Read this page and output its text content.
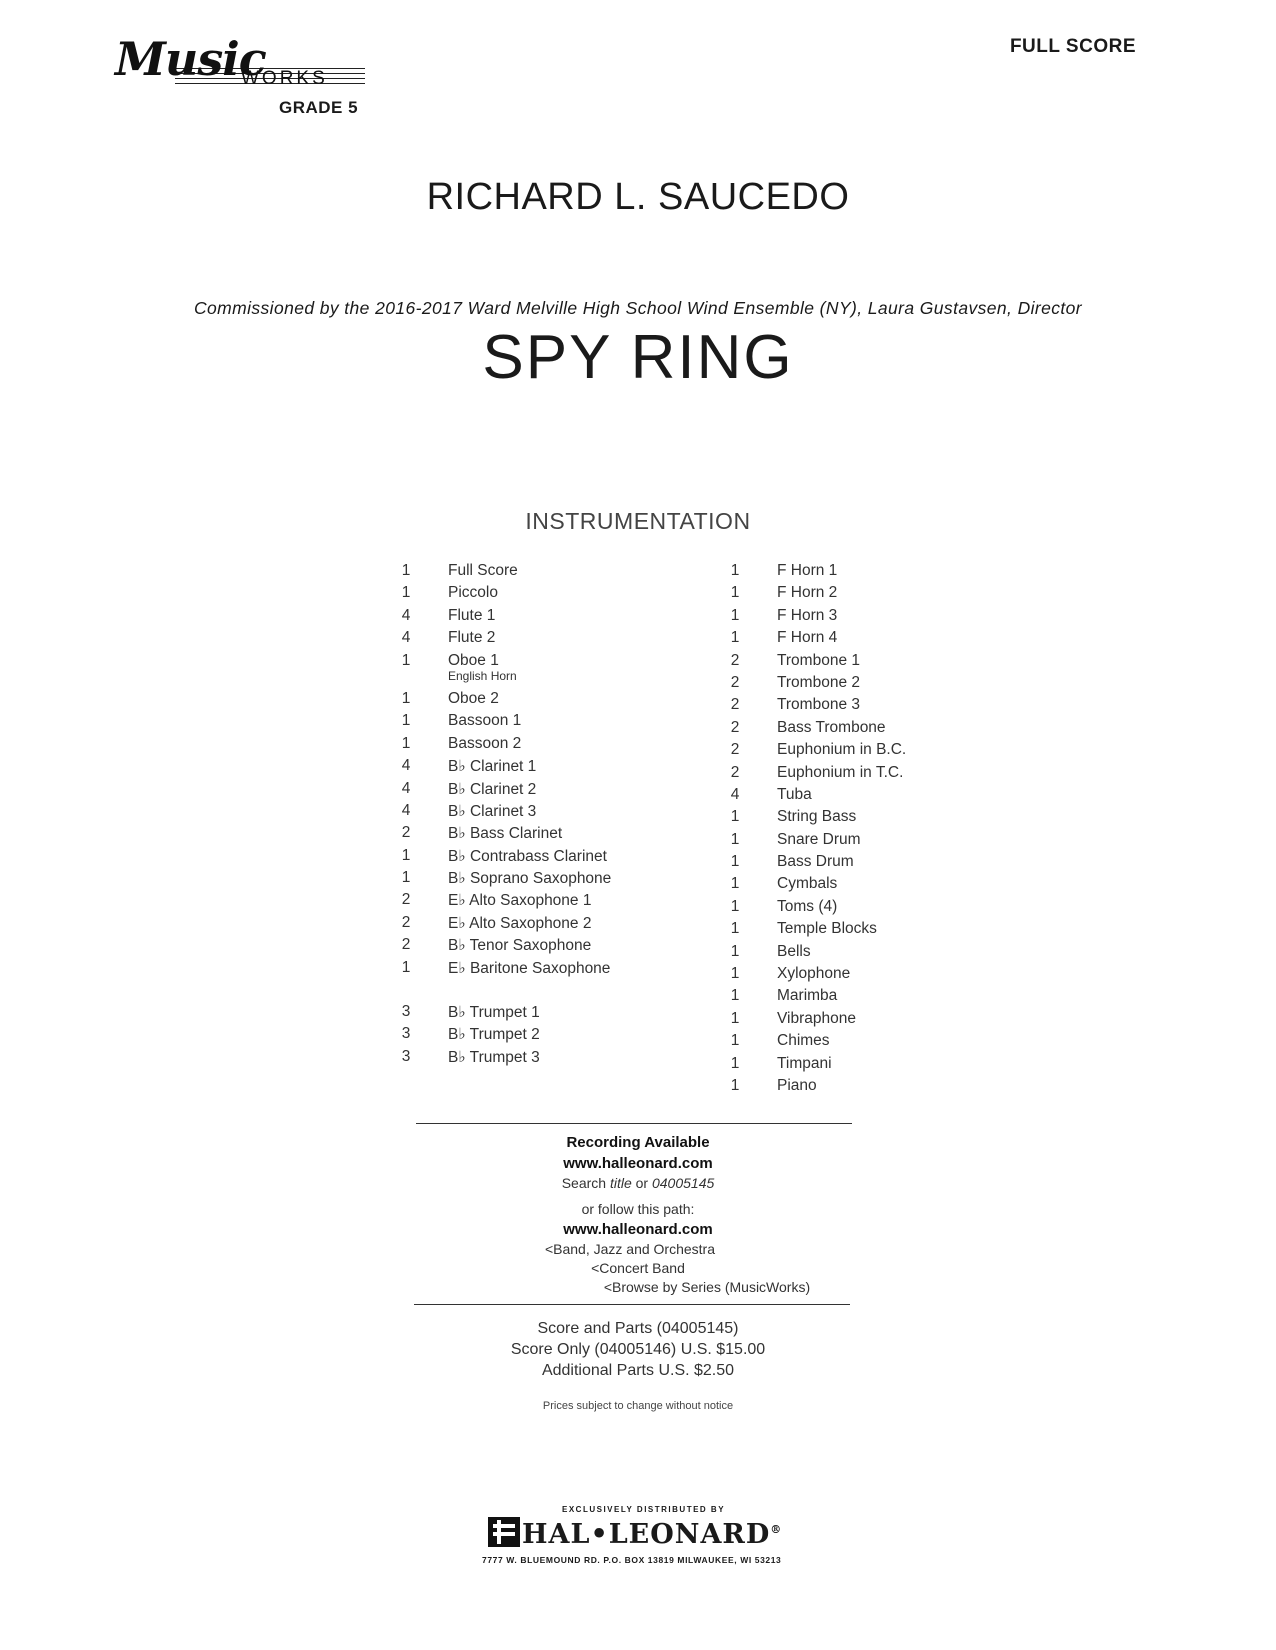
Music
WORKS
GRADE 5
FULL SCORE
RICHARD L. SAUCEDO
Commissioned by the 2016-2017 Ward Melville High School Wind Ensemble (NY), Laura Gustavsen, Director
SPY RING
INSTRUMENTATION
1 Full Score
1 Piccolo
4 Flute 1
4 Flute 2
1 Oboe 1
English Horn
1 Oboe 2
1 Bassoon 1
1 Bassoon 2
4 B♭ Clarinet 1
4 B♭ Clarinet 2
4 B♭ Clarinet 3
2 B♭ Bass Clarinet
1 B♭ Contrabass Clarinet
1 B♭ Soprano Saxophone
2 E♭ Alto Saxophone 1
2 E♭ Alto Saxophone 2
2 B♭ Tenor Saxophone
1 E♭ Baritone Saxophone
3 B♭ Trumpet 1
3 B♭ Trumpet 2
3 B♭ Trumpet 3
1 F Horn 1
1 F Horn 2
1 F Horn 3
1 F Horn 4
2 Trombone 1
2 Trombone 2
2 Trombone 3
2 Bass Trombone
2 Euphonium in B.C.
2 Euphonium in T.C.
4 Tuba
1 String Bass
1 Snare Drum
1 Bass Drum
1 Cymbals
1 Toms (4)
1 Temple Blocks
1 Bells
1 Xylophone
1 Marimba
1 Vibraphone
1 Chimes
1 Timpani
1 Piano
Recording Available
www.halleonard.com
Search title or 04005145
or follow this path:
www.halleonard.com
<Band, Jazz and Orchestra
<Concert Band
<Browse by Series (MusicWorks)
Score and Parts (04005145)
Score Only (04005146) U.S. $15.00
Additional Parts U.S. $2.50
Prices subject to change without notice
EXCLUSIVELY DISTRIBUTED BY
HAL•LEONARD®
7777 W. BLUEMOUND RD. P.O. BOX 13819 MILWAUKEE, WI 53213
